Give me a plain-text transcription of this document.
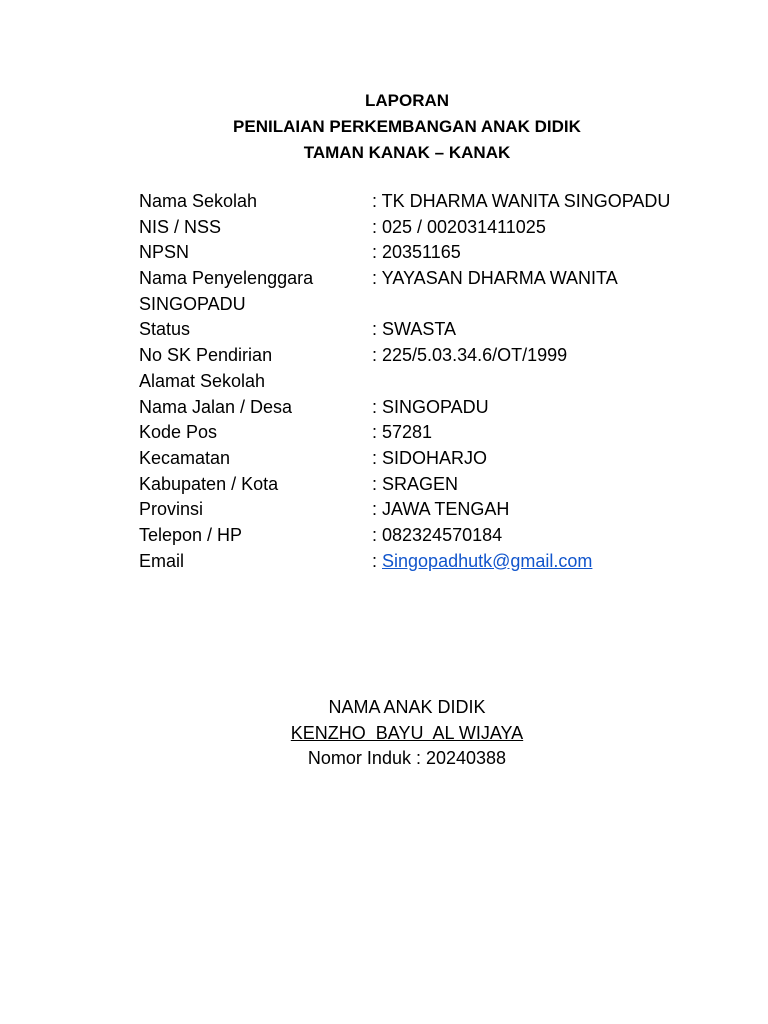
LAPORAN
PENILAIAN PERKEMBANGAN ANAK DIDIK
TAMAN KANAK – KANAK
Nama Sekolah	: TK DHARMA WANITA SINGOPADU
NIS / NSS	: 025 / 002031411025
NPSN	: 20351165
Nama Penyelenggara	: YAYASAN DHARMA WANITA
SINGOPADU
Status	: SWASTA
No SK Pendirian	: 225/5.03.34.6/OT/1999
Alamat Sekolah
Nama Jalan / Desa	: SINGOPADU
Kode Pos	: 57281
Kecamatan	: SIDOHARJO
Kabupaten / Kota	: SRAGEN
Provinsi	: JAWA TENGAH
Telepon / HP	: 082324570184
Email	: Singopadhutk@gmail.com
NAMA ANAK DIDIK
KENZHO  BAYU  AL WIJAYA
Nomor Induk : 20240388
